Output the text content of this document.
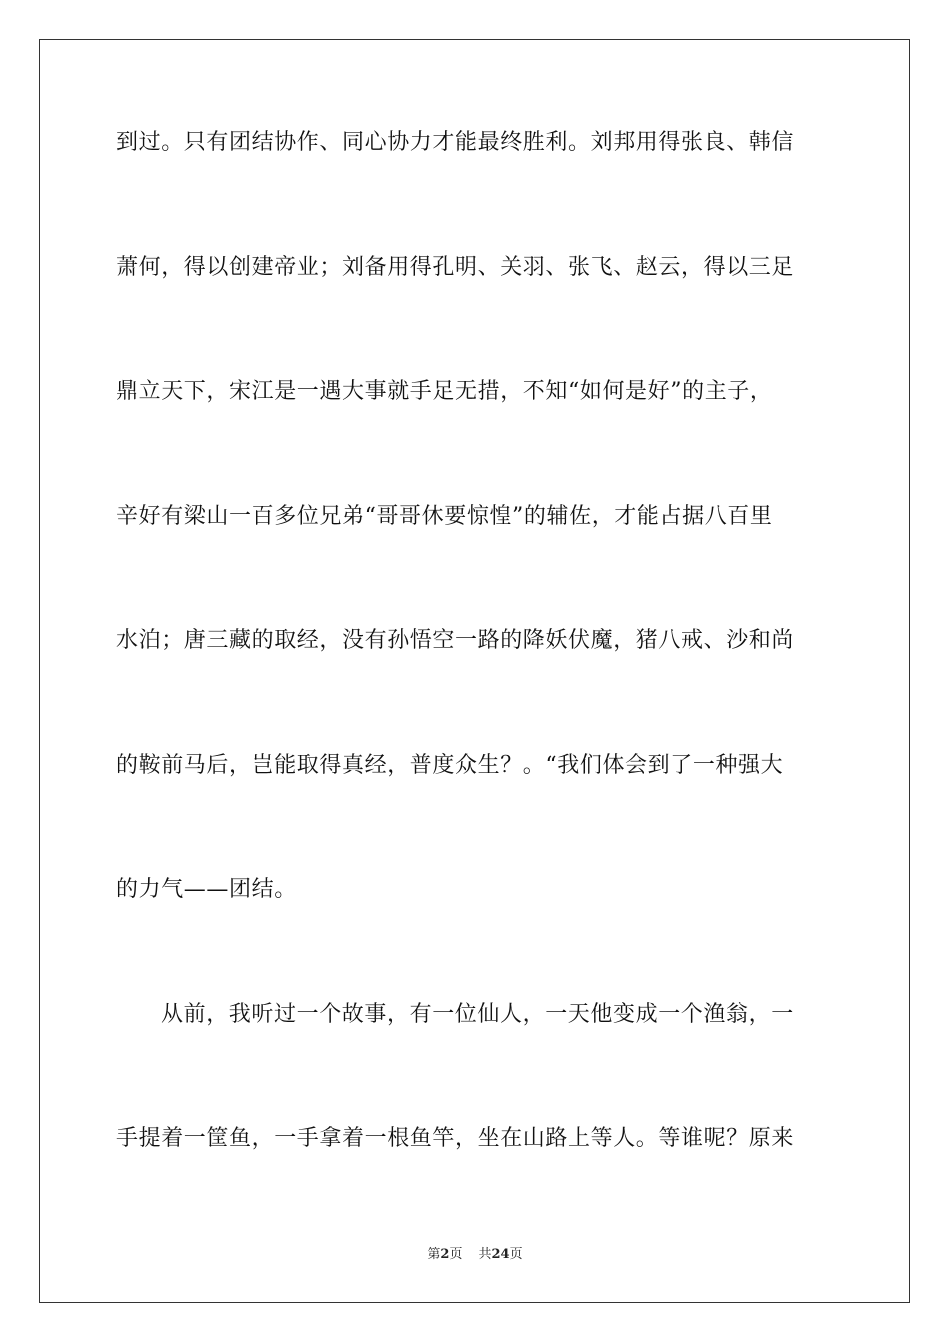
到过。只有团结协作、同心协力才能最终胜利。刘邦用得张良、韩信

萧何，得以创建帝业；刘备用得孔明、关羽、张飞、赵云，得以三足

鼎立天下，宋江是一遇大事就手足无措，不知“如何是好”的主子，

辛好有梁山一百多位兄弟“哥哥休要惊惶”的辅佐，才能占据八百里

水泊；唐三藏的取经，没有孙悟空一路的降妖伏魔，猪八戒、沙和尚

的鞍前马后，岂能取得真经，普度众生？。“我们体会到了一种强大

的力气——团结。

从前，我听过一个故事，有一位仙人，一天他变成一个渔翁，一

手提着一筐鱼，一手拿着一根鱼竿，坐在山路上等人。等谁呢？原来

第2页 共24页
